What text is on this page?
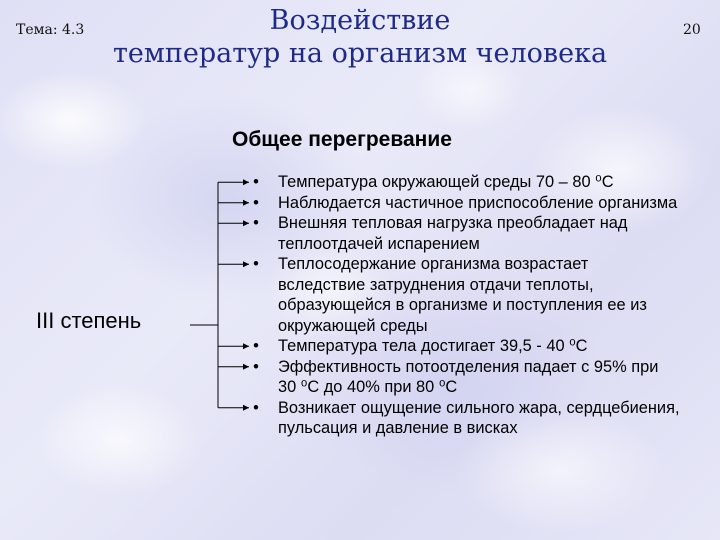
Тема: 4.3	Воздействие
температур на организм человека
20
Общее перегревание
III степень
• Температура окружающей среды 70 – 80 ⁰С
• Наблюдается частичное приспособление организма
• Внешняя тепловая нагрузка преобладает над теплоотдачей испарением
• Теплосодержание организма возрастает вследствие затруднения отдачи теплоты, образующейся в организме и поступления ее из окружающей среды
• Температура тела достигает 39,5 - 40 ⁰С
• Эффективность потоотделения падает с 95% при 30 ⁰С до 40% при 80 ⁰С
• Возникает ощущение сильного жара, сердцебиения, пульсация и давление в висках
